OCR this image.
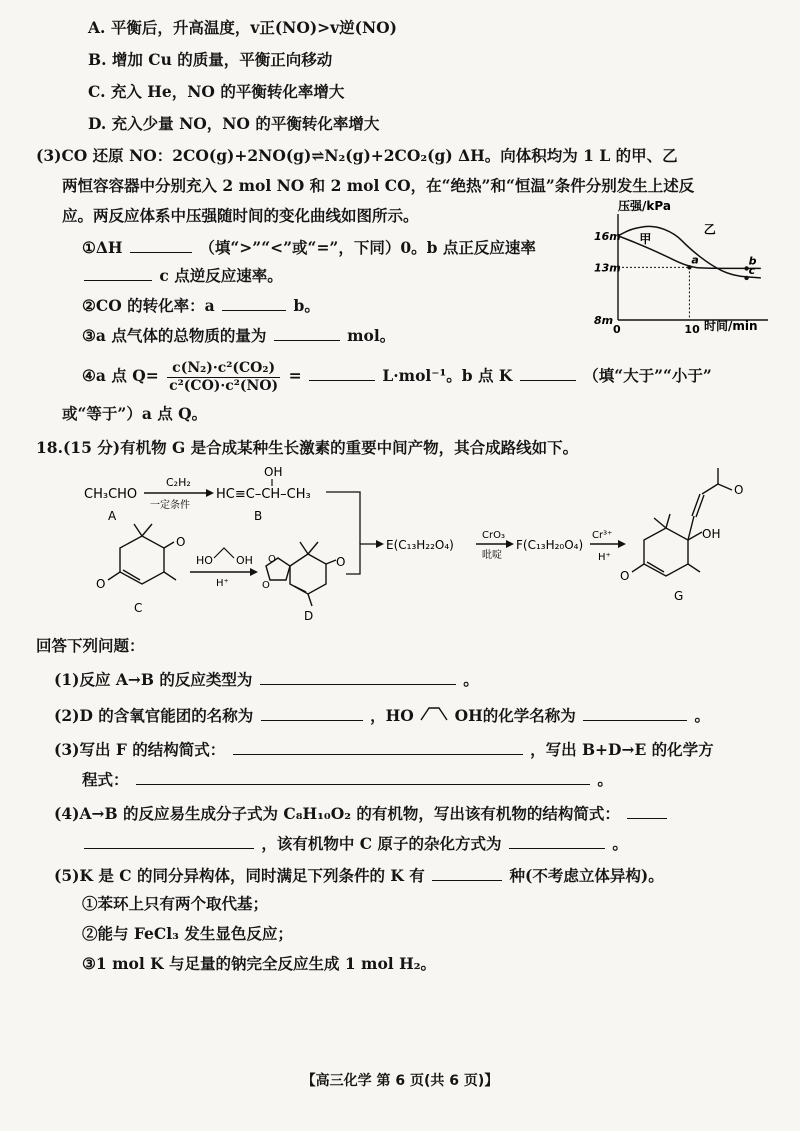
A. 平衡后，升高温度，v正(NO)>v逆(NO)
B. 增加 Cu 的质量，平衡正向移动
C. 充入 He，NO 的平衡转化率增大
D. 充入少量 NO，NO 的平衡转化率增大
(3)CO 还原 NO：2CO(g)+2NO(g)⇌N₂(g)+2CO₂(g) ΔH。向体积均为 1 L 的甲、乙
两恒容容器中分别充入 2 mol NO 和 2 mol CO，在“绝热”和“恒温”条件分别发生上述反
应。两反应体系中压强随时间的变化曲线如图所示。
①ΔH	（填“>”“<”或“=”，下同）0。b 点正反应速率
c 点逆反应速率。
②CO 的转化率：a	b。
③a 点气体的总物质的量为	mol。
④a 点 $Q= \frac{\text{c(N₂)·c²(CO₂)}}{\text{c²(CO)·c²(NO)}}$ =	L·mol⁻¹。b 点 K	（填“大于”“小于”
或“等于”）a 点 Q。
压强/kPa
时间/min
16m
13m
8m
0	10
甲
乙
a	b
c
18.(15 分)有机物 G 是合成某种生长激素的重要中间产物，其合成路线如下。
CH₃CHO
A
C₂H₂
一定条件
OH
HC≡C–CH–CH₃
B
O
O
C
HO OH
H⁺
O
O
O
D
E(C₁₃H₂₂O₄)
CrO₃
吡啶
F(C₁₃H₂₀O₄)
Cr³⁺
H⁺
OH
O
O
G
回答下列问题：
(1)反应 A→B 的反应类型为	。
(2)D 的含氧官能团的名称为	，HO	OH的化学名称为	。
(3)写出 F 的结构简式：	，写出 B+D→E 的化学方
程式：	。
(4)A→B 的反应易生成分子式为 C₈H₁₀O₂ 的有机物，写出该有机物的结构简式：
，该有机物中 C 原子的杂化方式为	。
(5)K 是 C 的同分异构体，同时满足下列条件的 K 有	种(不考虑立体异构)。
①苯环上只有两个取代基；
②能与 FeCl₃ 发生显色反应；
③1 mol K 与足量的钠完全反应生成 1 mol H₂。
【高三化学 第 6 页(共 6 页)】
